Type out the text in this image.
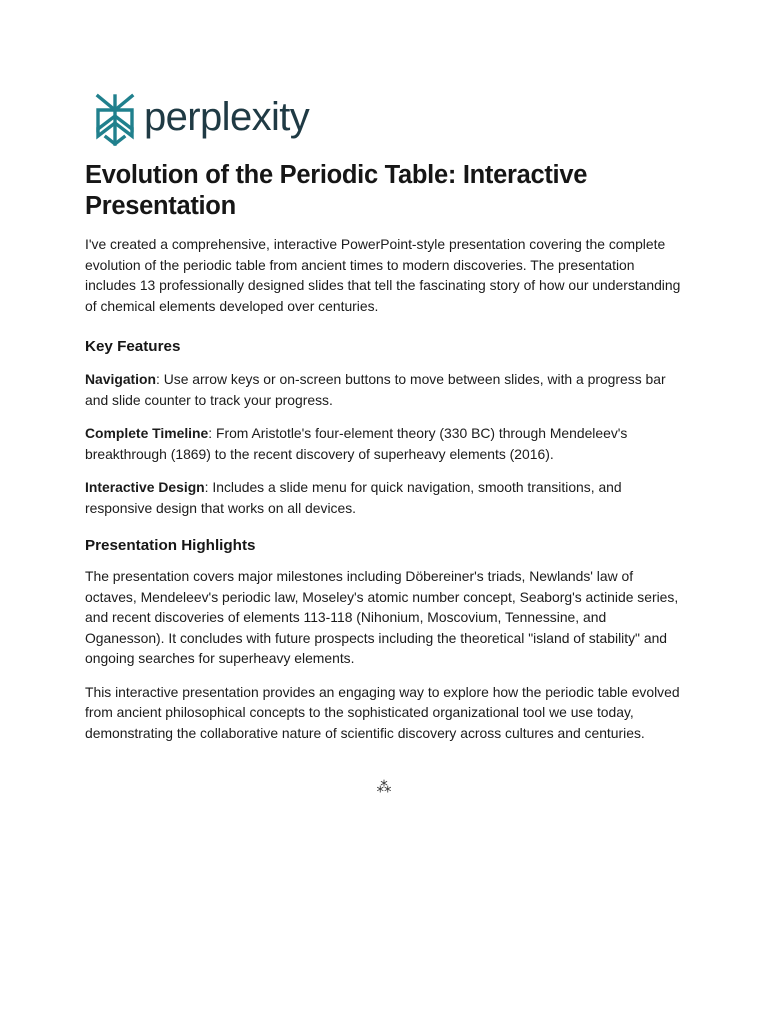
perplexity
Evolution of the Periodic Table: Interactive Presentation

I've created a comprehensive, interactive PowerPoint-style presentation covering the complete evolution of the periodic table from ancient times to modern discoveries. The presentation includes 13 professionally designed slides that tell the fascinating story of how our understanding of chemical elements developed over centuries.

Key Features

Navigation: Use arrow keys or on-screen buttons to move between slides, with a progress bar and slide counter to track your progress.

Complete Timeline: From Aristotle's four-element theory (330 BC) through Mendeleev's breakthrough (1869) to the recent discovery of superheavy elements (2016).

Interactive Design: Includes a slide menu for quick navigation, smooth transitions, and responsive design that works on all devices.

Presentation Highlights

The presentation covers major milestones including Döbereiner's triads, Newlands' law of octaves, Mendeleev's periodic law, Moseley's atomic number concept, Seaborg's actinide series, and recent discoveries of elements 113-118 (Nihonium, Moscovium, Tennessine, and Oganesson). It concludes with future prospects including the theoretical "island of stability" and ongoing searches for superheavy elements.

This interactive presentation provides an engaging way to explore how the periodic table evolved from ancient philosophical concepts to the sophisticated organizational tool we use today, demonstrating the collaborative nature of scientific discovery across cultures and centuries.

⁂
